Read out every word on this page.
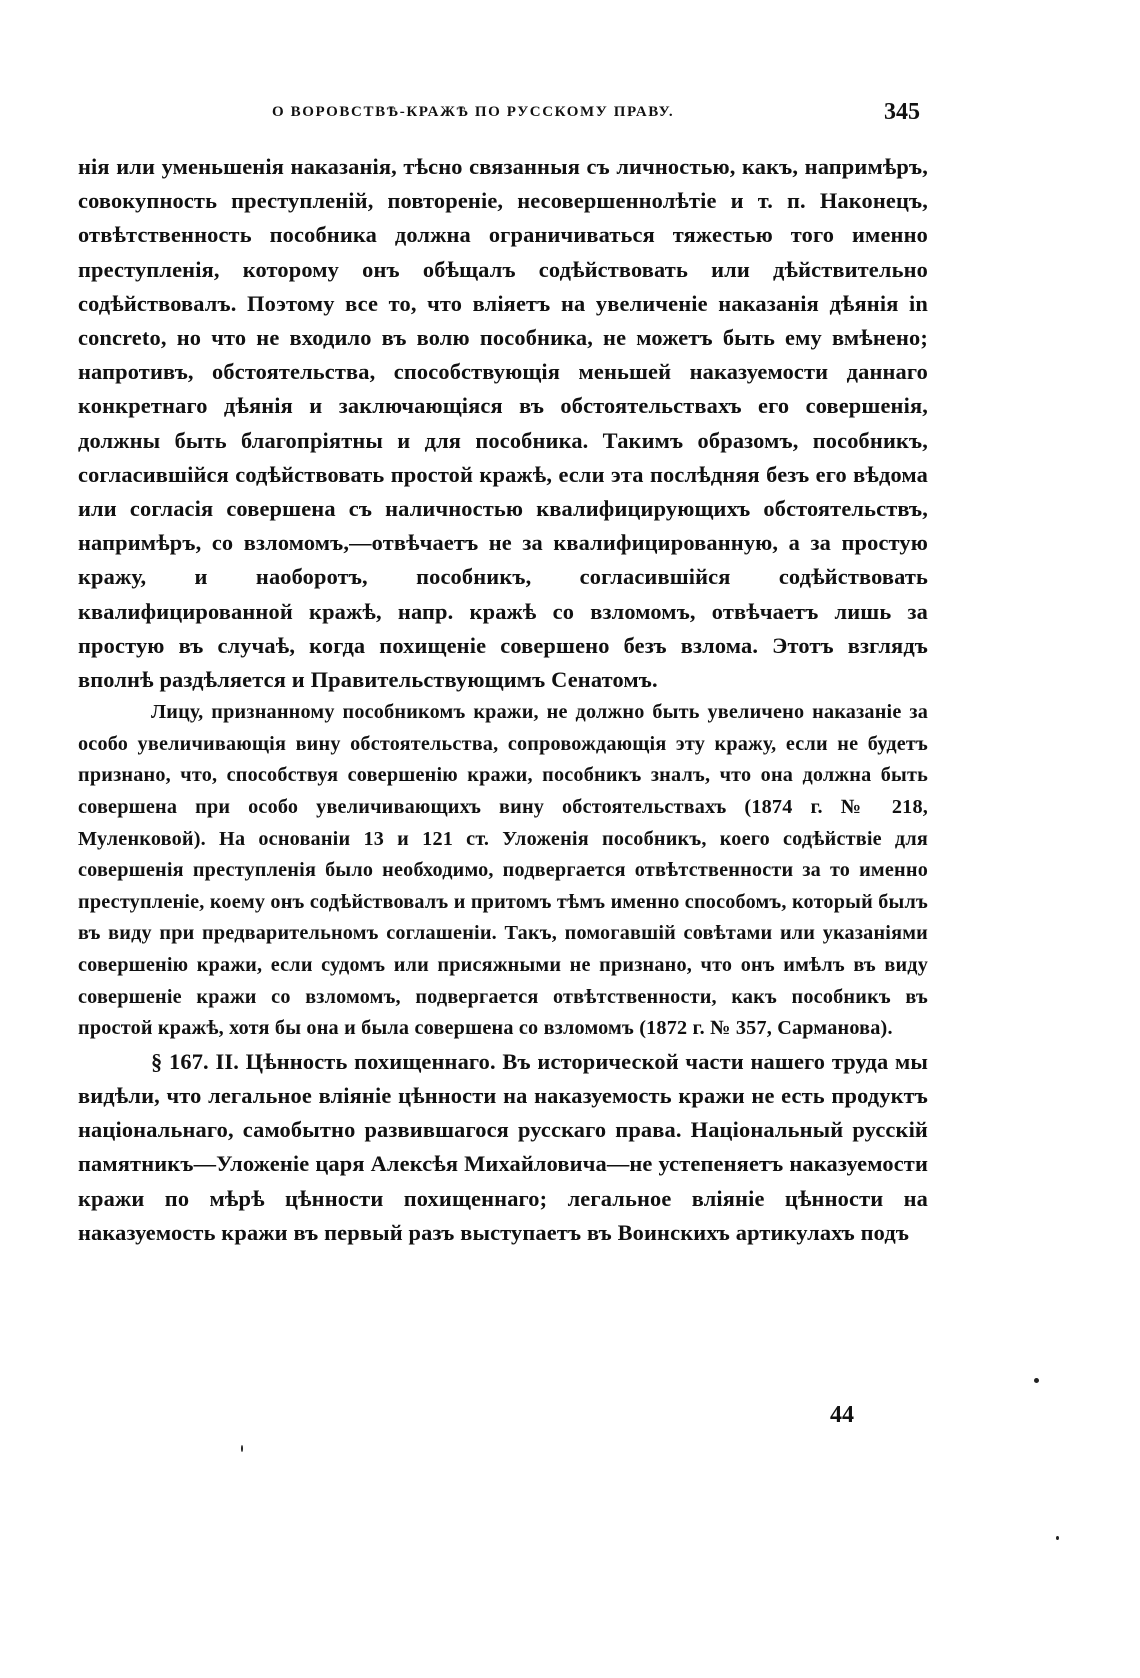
О ВОРОВСТВѢ-КРАЖѢ ПО РУССКОМУ ПРАВУ.	345

нія или уменьшенія наказанія, тѣсно связанныя съ личностью, какъ, напримѣръ, совокупность преступленій, повтореніе, несовершеннолѣтіе и т. п. Наконецъ, отвѣтственность пособника должна ограничиваться тяжестью того именно преступленія, которому онъ обѣщалъ содѣйствовать или дѣйствительно содѣйствовалъ. Поэтому все то, что вліяетъ на увеличеніе наказанія дѣянія in concreto, но что не входило въ волю пособника, не можетъ быть ему вмѣнено; напротивъ, обстоятельства, способствующія меньшей наказуемости даннаго конкретнаго дѣянія и заключающіяся въ обстоятельствахъ его совершенія, должны быть благопріятны и для пособника. Такимъ образомъ, пособникъ, согласившійся содѣйствовать простой кражѣ, если эта послѣдняя безъ его вѣдома или согласія совершена съ наличностью квалифицирующихъ обстоятельствъ, напримѣръ, со взломомъ,—отвѣчаетъ не за квалифицированную, а за простую кражу, и наоборотъ, пособникъ, согласившійся содѣйствовать квалифицированной кражѣ, напр. кражѣ со взломомъ, отвѣчаетъ лишь за простую въ случаѣ, когда похищеніе совершено безъ взлома. Этотъ взглядъ вполнѣ раздѣляется и Правительствующимъ Сенатомъ.

Лицу, признанному пособникомъ кражи, не должно быть увеличено наказаніе за особо увеличивающія вину обстоятельства, сопровождающія эту кражу, если не будетъ признано, что, способствуя совершенію кражи, пособникъ зналъ, что она должна быть совершена при особо увеличивающихъ вину обстоятельствахъ (1874 г. № 218, Муленковой). На основаніи 13 и 121 ст. Уложенія пособникъ, коего содѣйствіе для совершенія преступленія было необходимо, подвергается отвѣтственности за то именно преступленіе, коему онъ содѣйствовалъ и притомъ тѣмъ именно способомъ, который былъ въ виду при предварительномъ соглашеніи. Такъ, помогавшій совѣтами или указаніями совершенію кражи, если судомъ или присяжными не признано, что онъ имѣлъ въ виду совершеніе кражи со взломомъ, подвергается отвѣтственности, какъ пособникъ въ простой кражѣ, хотя бы она и была совершена со взломомъ (1872 г. № 357, Сармановa).

§ 167. II. Цѣнность похищеннаго. Въ исторической части нашего труда мы видѣли, что легальное вліяніе цѣнности на наказуемость кражи не есть продуктъ національнаго, самобытно развившагося русскаго права. Національный русскій памятникъ—Уложеніе царя Алексѣя Михайловича—не устепеняетъ наказуемости кражи по мѣрѣ цѣнности похищеннаго; легальное вліяніе цѣнности на наказуемость кражи въ первый разъ выступаетъ въ Воинскихъ артикулахъ подъ

44
